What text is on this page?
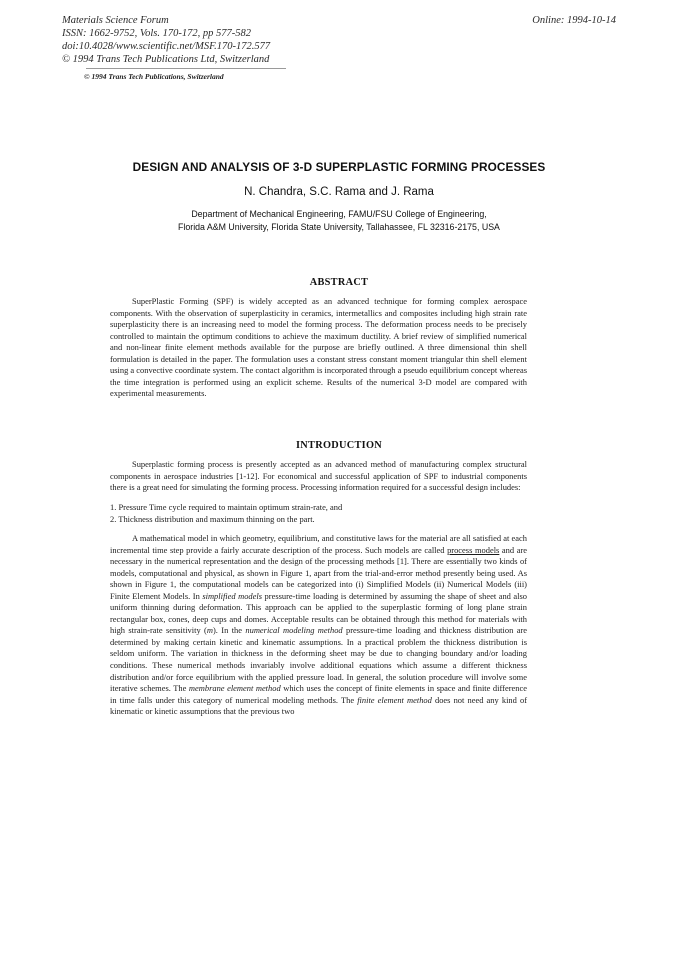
Materials Science Forum
ISSN: 1662-9752, Vols. 170-172, pp 577-582
doi:10.4028/www.scientific.net/MSF.170-172.577
© 1994 Trans Tech Publications Ltd, Switzerland
Online: 1994-10-14
© 1994 Trans Tech Publications, Switzerland
DESIGN AND ANALYSIS OF 3-D SUPERPLASTIC FORMING PROCESSES
N. Chandra, S.C. Rama and J. Rama
Department of Mechanical Engineering, FAMU/FSU College of Engineering,
Florida A&M University, Florida State University, Tallahassee, FL 32316-2175, USA
ABSTRACT

SuperPlastic Forming (SPF) is widely accepted as an advanced technique for forming complex aerospace components. With the observation of superplasticity in ceramics, intermetallics and composites including high strain rate superplasticity there is an increasing need to model the forming process. The deformation process needs to be precisely controlled to maintain the optimum conditions to achieve the maximum ductility. A brief review of simplified numerical and non-linear finite element methods available for the purpose are briefly outlined. A three dimensional thin shell formulation is detailed in the paper. The formulation uses a constant stress constant moment triangular thin shell element using a convective coordinate system. The contact algorithm is incorporated through a pseudo equilibrium concept whereas the time integration is performed using an explicit scheme. Results of the numerical 3-D model are compared with experimental measurements.

INTRODUCTION

Superplastic forming process is presently accepted as an advanced method of manufacturing complex structural components in aerospace industries [1-12]. For economical and successful application of SPF to industrial components there is a great need for simulating the forming process. Processing information required for a successful design includes:

1. Pressure Time cycle required to maintain optimum strain-rate, and
2. Thickness distribution and maximum thinning on the part.

A mathematical model in which geometry, equilibrium, and constitutive laws for the material are all satisfied at each incremental time step provide a fairly accurate description of the process. Such models are called process models and are necessary in the numerical representation and the design of the processing methods [1]. There are essentially two kinds of models, computational and physical, as shown in Figure 1, apart from the trial-and-error method presently being used. As shown in Figure 1, the computational models can be categorized into (i) Simplified Models (ii) Numerical Models (iii) Finite Element Models. In simplified models pressure-time loading is determined by assuming the shape of sheet and also uniform thinning during deformation. This approach can be applied to the superplastic forming of long plane strain rectangular box, cones, deep cups and domes. Acceptable results can be obtained through this method for materials with high strain-rate sensitivity (m). In the numerical modeling method pressure-time loading and thickness distribution are determined by making certain kinetic and kinematic assumptions. In a practical problem the thickness distribution is seldom uniform. The variation in thickness in the deforming sheet may be due to changing boundary and/or loading conditions. These numerical methods invariably involve additional equations which assume a different thickness distribution and/or force equilibrium with the applied pressure load. In general, the solution procedure will involve some iterative schemes. The membrane element method which uses the concept of finite elements in space and finite difference in time falls under this category of numerical modeling methods. The finite element method does not need any kind of kinematic or kinetic assumptions that the previous two
